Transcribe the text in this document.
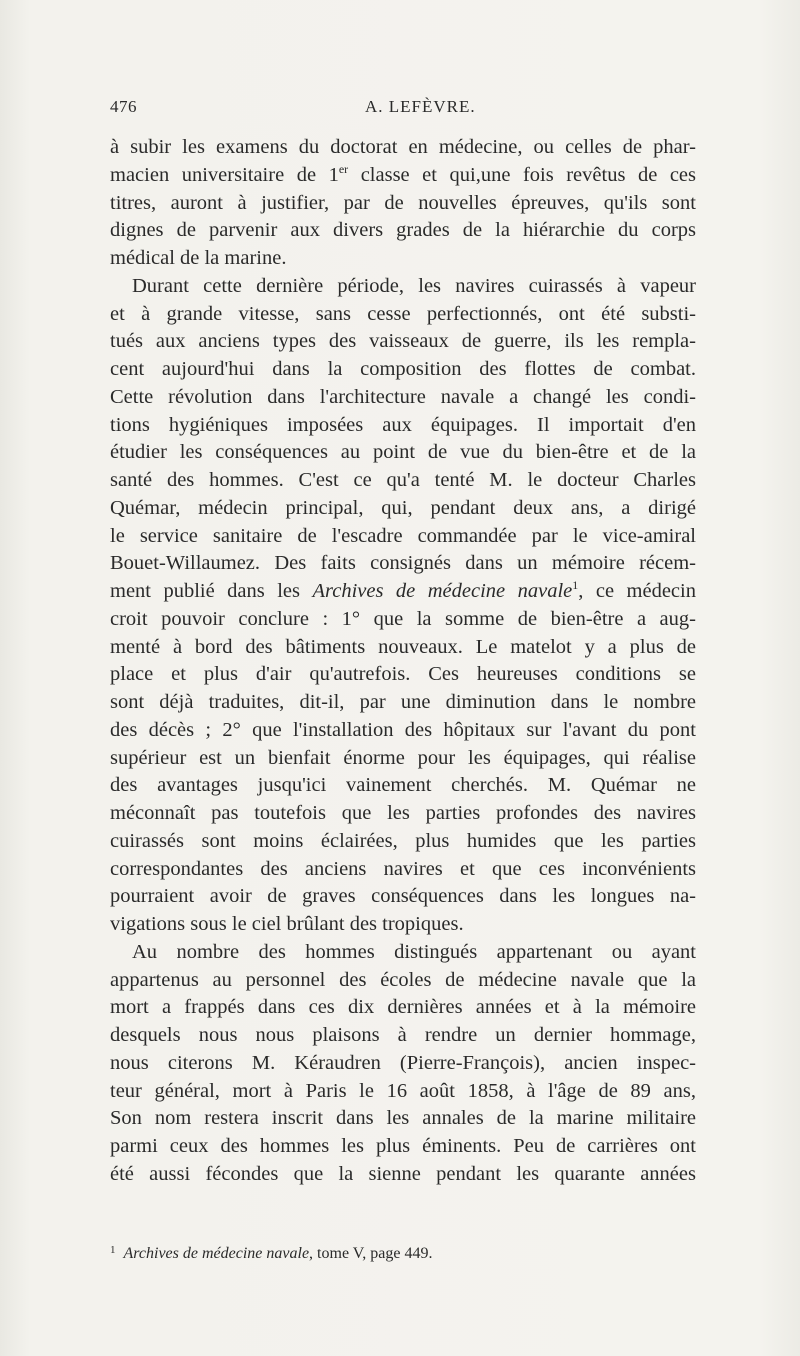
476	A. LEFÈVRE.
à subir les examens du doctorat en médecine, ou celles de phar-
macien universitaire de 1er classe et qui,une fois revêtus de ces
titres, auront à justifier, par de nouvelles épreuves, qu'ils sont
dignes de parvenir aux divers grades de la hiérarchie du corps
médical de la marine.
Durant cette dernière période, les navires cuirassés à vapeur
et à grande vitesse, sans cesse perfectionnés, ont été substi-
tués aux anciens types des vaisseaux de guerre, ils les rempla-
cent aujourd'hui dans la composition des flottes de combat.
Cette révolution dans l'architecture navale a changé les condi-
tions hygiéniques imposées aux équipages. Il importait d'en
étudier les conséquences au point de vue du bien-être et de la
santé des hommes. C'est ce qu'a tenté M. le docteur Charles
Quémar, médecin principal, qui, pendant deux ans, a dirigé
le service sanitaire de l'escadre commandée par le vice-amiral
Bouet-Willaumez. Des faits consignés dans un mémoire récem-
ment publié dans les Archives de médecine navale$^1$, ce médecin
croit pouvoir conclure : 1° que la somme de bien-être a aug-
menté à bord des bâtiments nouveaux. Le matelot y a plus de
place et plus d'air qu'autrefois. Ces heureuses conditions se
sont déjà traduites, dit-il, par une diminution dans le nombre
des décès ; 2° que l'installation des hôpitaux sur l'avant du pont
supérieur est un bienfait énorme pour les équipages, qui réalise
des avantages jusqu'ici vainement cherchés. M. Quémar ne
méconnaît pas toutefois que les parties profondes des navires
cuirassés sont moins éclairées, plus humides que les parties
correspondantes des anciens navires et que ces inconvénients
pourraient avoir de graves conséquences dans les longues na-
vigations sous le ciel brûlant des tropiques.
Au nombre des hommes distingués appartenant ou ayant
appartenus au personnel des écoles de médecine navale que la
mort a frappés dans ces dix dernières années et à la mémoire
desquels nous nous plaisons à rendre un dernier hommage,
nous citerons M. Kéraudren (Pierre-François), ancien inspec-
teur général, mort à Paris le 16 août 1858, à l'âge de 89 ans,
Son nom restera inscrit dans les annales de la marine militaire
parmi ceux des hommes les plus éminents. Peu de carrières ont
été aussi fécondes que la sienne pendant les quarante années
$^1$ Archives de médecine navale, tome V, page 449.
